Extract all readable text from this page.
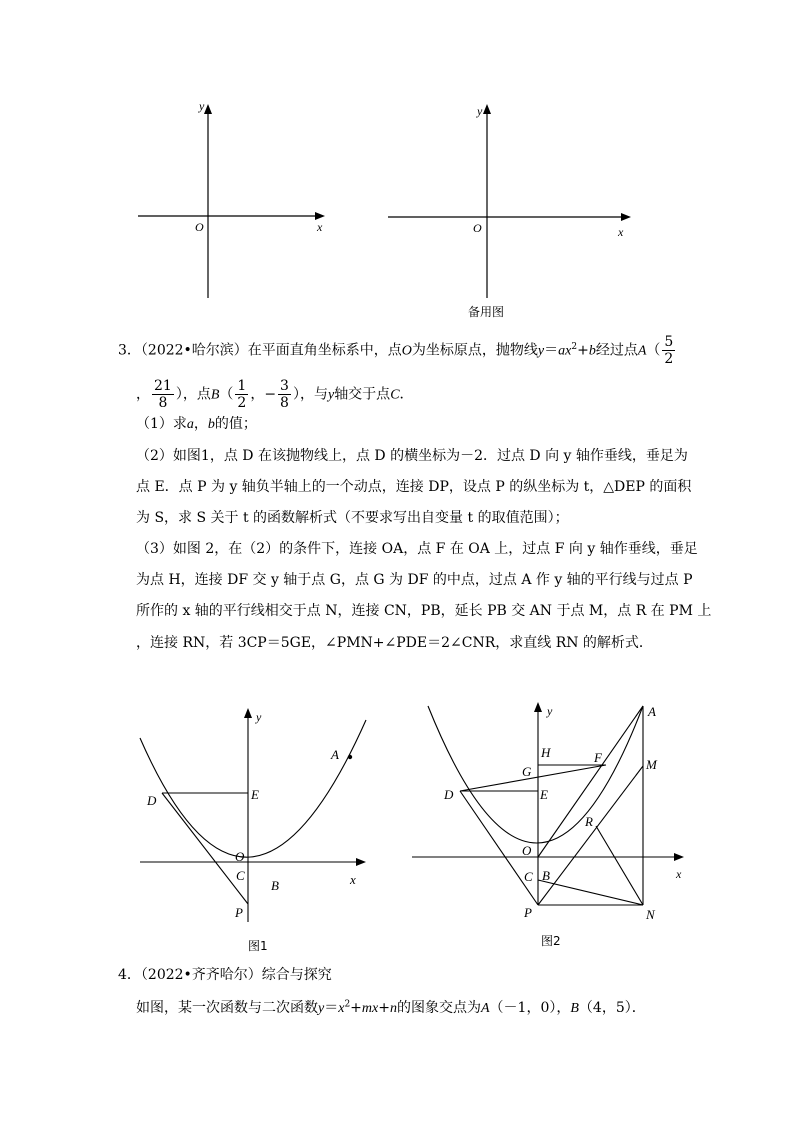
y
x
O
y
x
O
备用图
3．（2022•哈尔滨）在平面直角坐标系中，点O为坐标原点，抛物线$y=ax^2+b$经过点$A( \frac{5}{2}$
， $\frac{21}{8}$ ），点$B( \frac{1}{2}$ ，− $\frac{3}{8}$ ），与y轴交于点C．
（1）求a，b的值；
（2）如图1，点 D 在该抛物线上，点 D 的横坐标为－2．过点 D 向 y 轴作垂线，垂足为
点 E．点 P 为 y 轴负半轴上的一个动点，连接 DP，设点 P 的纵坐标为 t，△DEP 的面积
为 S，求 S 关于 t 的函数解析式（不要求写出自变量 t 的取值范围）；
（3）如图 2，在（2）的条件下，连接 OA，点 F 在 OA 上，过点 F 向 y 轴作垂线，垂足
为点 H，连接 DF 交 y 轴于点 G，点 G 为 DF 的中点，过点 A 作 y 轴的平行线与过点 P
所作的 x 轴的平行线相交于点 N，连接 CN，PB，延长 PB 交 AN 于点 M，点 R 在 PM 上
，连接 RN，若 3CP＝5GE，∠PMN+∠PDE＝2∠CNR，求直线 RN 的解析式．
y
x
A
D	E
O
C
B
P
图1
y
x
A
H	F
G	M
D	E
R
O
C B
P	N
图2
4．（2022•齐齐哈尔）综合与探究
如图，某一次函数与二次函数$y=x^2+mx+n$的图象交点为A（－1，0），B（4，5）．
